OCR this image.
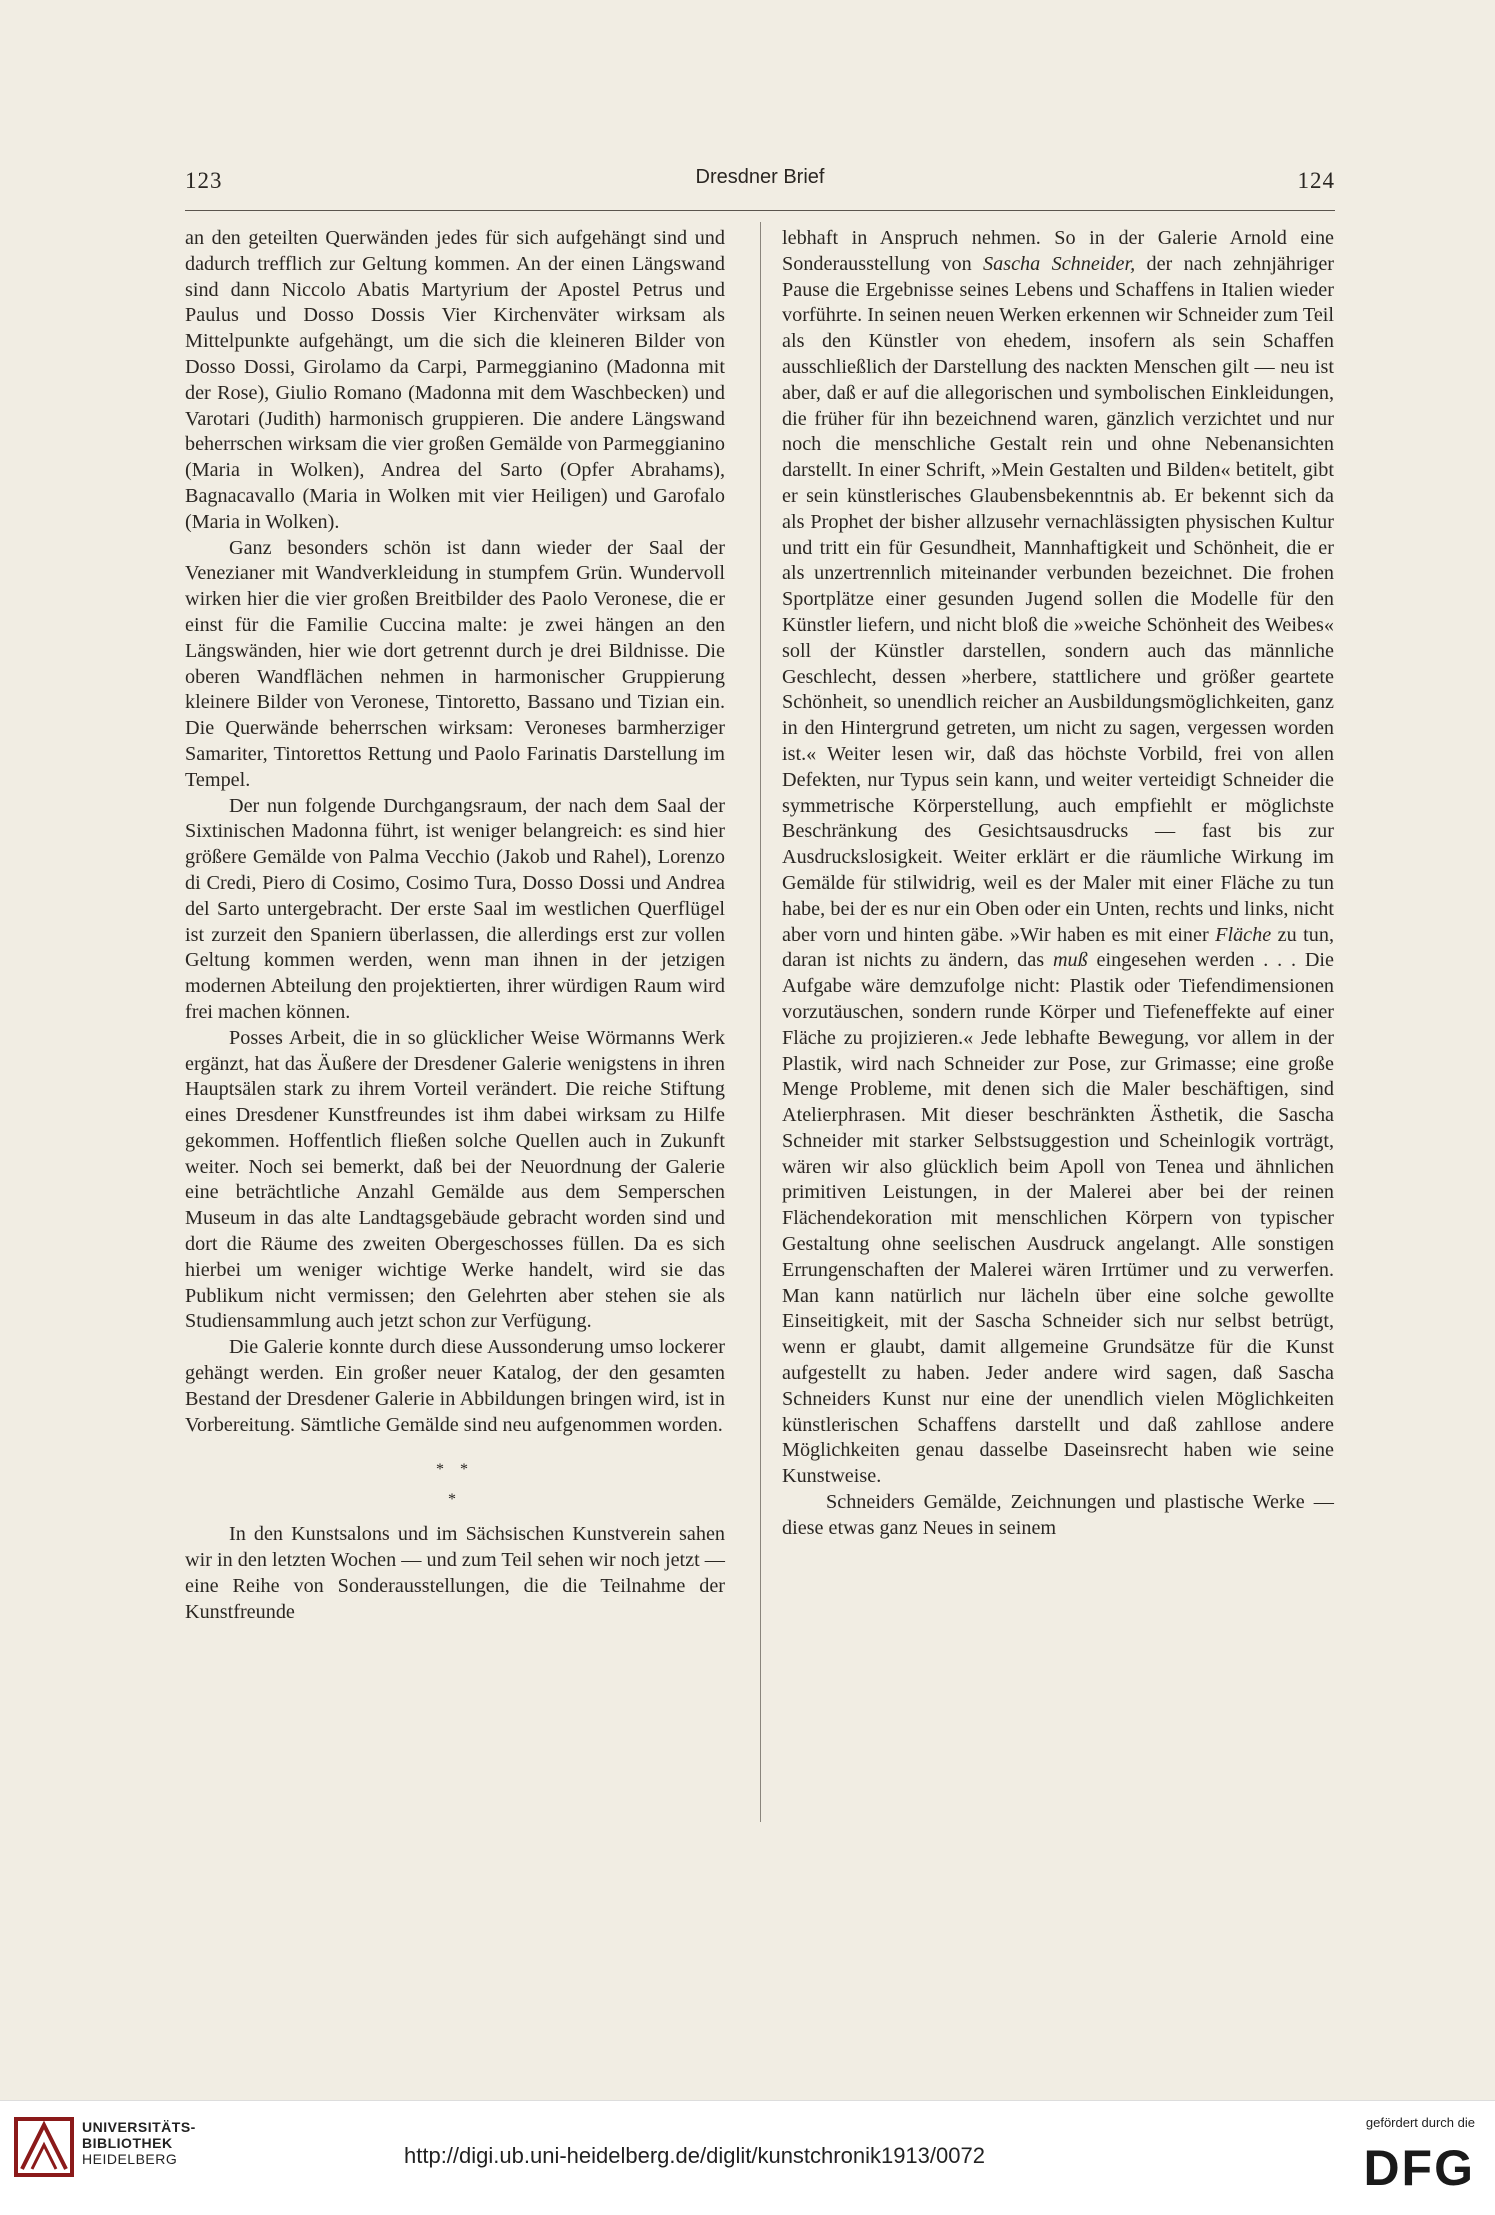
123	Dresdner Brief	124

an den geteilten Querwänden jedes für sich aufgehängt sind und dadurch trefflich zur Geltung kommen. An der einen Längswand sind dann Niccolo Abatis Martyrium der Apostel Petrus und Paulus und Dosso Dossis Vier Kirchenväter wirksam als Mittelpunkte aufgehängt, um die sich die kleineren Bilder von Dosso Dossi, Girolamo da Carpi, Parmeggianino (Madonna mit der Rose), Giulio Romano (Madonna mit dem Waschbecken) und Varotari (Judith) harmonisch gruppieren. Die andere Längswand beherrschen wirksam die vier großen Gemälde von Parmeggianino (Maria in Wolken), Andrea del Sarto (Opfer Abrahams), Bagnacavallo (Maria in Wolken mit vier Heiligen) und Garofalo (Maria in Wolken).

Ganz besonders schön ist dann wieder der Saal der Venezianer mit Wandverkleidung in stumpfem Grün. Wundervoll wirken hier die vier großen Breitbilder des Paolo Veronese, die er einst für die Familie Cuccina malte: je zwei hängen an den Längswänden, hier wie dort getrennt durch je drei Bildnisse. Die oberen Wandflächen nehmen in harmonischer Gruppierung kleinere Bilder von Veronese, Tintoretto, Bassano und Tizian ein. Die Querwände beherrschen wirksam: Veroneses barmherziger Samariter, Tintorettos Rettung und Paolo Farinatis Darstellung im Tempel.

Der nun folgende Durchgangsraum, der nach dem Saal der Sixtinischen Madonna führt, ist weniger belangreich: es sind hier größere Gemälde von Palma Vecchio (Jakob und Rahel), Lorenzo di Credi, Piero di Cosimo, Cosimo Tura, Dosso Dossi und Andrea del Sarto untergebracht. Der erste Saal im westlichen Querflügel ist zurzeit den Spaniern überlassen, die allerdings erst zur vollen Geltung kommen werden, wenn man ihnen in der jetzigen modernen Abteilung den projektierten, ihrer würdigen Raum wird frei machen können.

Posses Arbeit, die in so glücklicher Weise Wörmanns Werk ergänzt, hat das Äußere der Dresdener Galerie wenigstens in ihren Hauptsälen stark zu ihrem Vorteil verändert. Die reiche Stiftung eines Dresdener Kunstfreundes ist ihm dabei wirksam zu Hilfe gekommen. Hoffentlich fließen solche Quellen auch in Zukunft weiter. Noch sei bemerkt, daß bei der Neuordnung der Galerie eine beträchtliche Anzahl Gemälde aus dem Semperschen Museum in das alte Landtagsgebäude gebracht worden sind und dort die Räume des zweiten Obergeschosses füllen. Da es sich hierbei um weniger wichtige Werke handelt, wird sie das Publikum nicht vermissen; den Gelehrten aber stehen sie als Studiensammlung auch jetzt schon zur Verfügung.

Die Galerie konnte durch diese Aussonderung umso lockerer gehängt werden. Ein großer neuer Katalog, der den gesamten Bestand der Dresdener Galerie in Abbildungen bringen wird, ist in Vorbereitung. Sämtliche Gemälde sind neu aufgenommen worden.

* *
*

In den Kunstsalons und im Sächsischen Kunstverein sahen wir in den letzten Wochen — und zum Teil sehen wir noch jetzt — eine Reihe von Sonderausstellungen, die die Teilnahme der Kunstfreunde

lebhaft in Anspruch nehmen. So in der Galerie Arnold eine Sonderausstellung von Sascha Schneider, der nach zehnjähriger Pause die Ergebnisse seines Lebens und Schaffens in Italien wieder vorführte. In seinen neuen Werken erkennen wir Schneider zum Teil als den Künstler von ehedem, insofern als sein Schaffen ausschließlich der Darstellung des nackten Menschen gilt — neu ist aber, daß er auf die allegorischen und symbolischen Einkleidungen, die früher für ihn bezeichnend waren, gänzlich verzichtet und nur noch die menschliche Gestalt rein und ohne Nebenansichten darstellt. In einer Schrift, »Mein Gestalten und Bilden« betitelt, gibt er sein künstlerisches Glaubensbekenntnis ab. Er bekennt sich da als Prophet der bisher allzusehr vernachlässigten physischen Kultur und tritt ein für Gesundheit, Mannhaftigkeit und Schönheit, die er als unzertrennlich miteinander verbunden bezeichnet. Die frohen Sportplätze einer gesunden Jugend sollen die Modelle für den Künstler liefern, und nicht bloß die »weiche Schönheit des Weibes« soll der Künstler darstellen, sondern auch das männliche Geschlecht, dessen »herbere, stattlichere und größer geartete Schönheit, so unendlich reicher an Ausbildungsmöglichkeiten, ganz in den Hintergrund getreten, um nicht zu sagen, vergessen worden ist.« Weiter lesen wir, daß das höchste Vorbild, frei von allen Defekten, nur Typus sein kann, und weiter verteidigt Schneider die symmetrische Körperstellung, auch empfiehlt er möglichste Beschränkung des Gesichtsausdrucks — fast bis zur Ausdruckslosigkeit. Weiter erklärt er die räumliche Wirkung im Gemälde für stilwidrig, weil es der Maler mit einer Fläche zu tun habe, bei der es nur ein Oben oder ein Unten, rechts und links, nicht aber vorn und hinten gäbe. »Wir haben es mit einer Fläche zu tun, daran ist nichts zu ändern, das muß eingesehen werden . . . Die Aufgabe wäre demzufolge nicht: Plastik oder Tiefendimensionen vorzutäuschen, sondern runde Körper und Tiefeneffekte auf einer Fläche zu projizieren.« Jede lebhafte Bewegung, vor allem in der Plastik, wird nach Schneider zur Pose, zur Grimasse; eine große Menge Probleme, mit denen sich die Maler beschäftigen, sind Atelierphrasen. Mit dieser beschränkten Ästhetik, die Sascha Schneider mit starker Selbstsuggestion und Scheinlogik vorträgt, wären wir also glücklich beim Apoll von Tenea und ähnlichen primitiven Leistungen, in der Malerei aber bei der reinen Flächendekoration mit menschlichen Körpern von typischer Gestaltung ohne seelischen Ausdruck angelangt. Alle sonstigen Errungenschaften der Malerei wären Irrtümer und zu verwerfen. Man kann natürlich nur lächeln über eine solche gewollte Einseitigkeit, mit der Sascha Schneider sich nur selbst betrügt, wenn er glaubt, damit allgemeine Grundsätze für die Kunst aufgestellt zu haben. Jeder andere wird sagen, daß Sascha Schneiders Kunst nur eine der unendlich vielen Möglichkeiten künstlerischen Schaffens darstellt und daß zahllose andere Möglichkeiten genau dasselbe Daseinsrecht haben wie seine Kunstweise.

Schneiders Gemälde, Zeichnungen und plastische Werke — diese etwas ganz Neues in seinem

UNIVERSITÄTS-
BIBLIOTHEK
HEIDELBERG	http://digi.ub.uni-heidelberg.de/diglit/kunstchronik1913/0072
gefördert durch die
DFG
